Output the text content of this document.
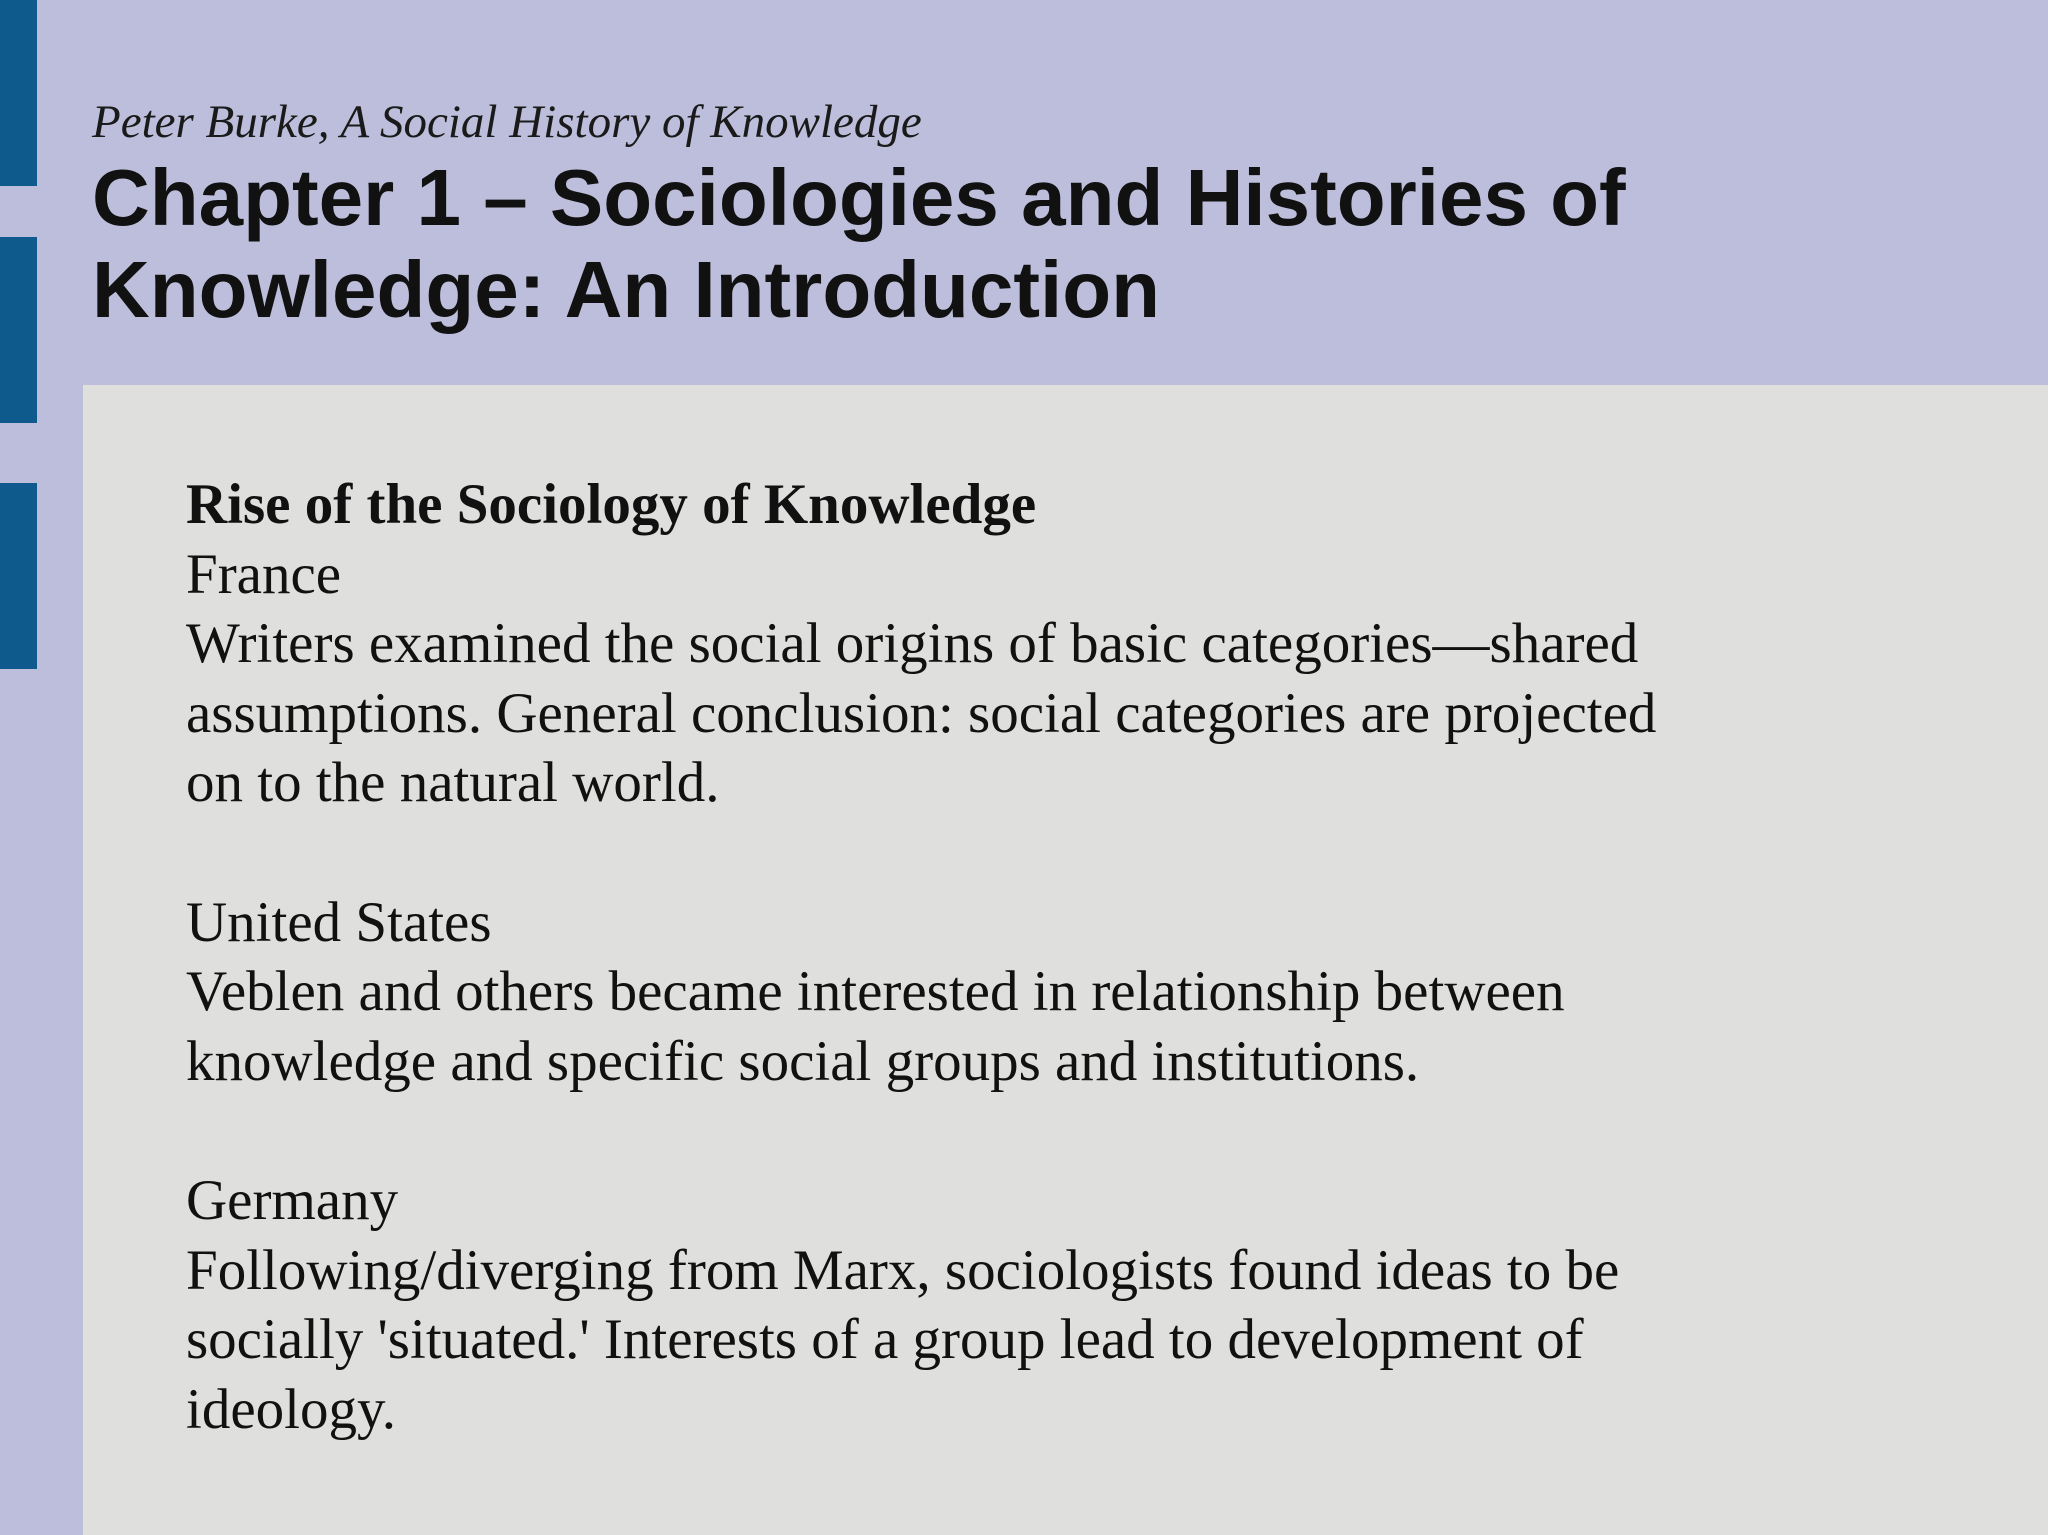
Peter Burke, A Social History of Knowledge

Chapter 1 – Sociologies and Histories of
Knowledge: An Introduction

Rise of the Sociology of Knowledge

France

Writers examined the social origins of basic categories—shared

assumptions. General conclusion: social categories are projected

on to the natural world.

United States

Veblen and others became interested in relationship between

knowledge and specific social groups and institutions.

Germany

Following/diverging from Marx, sociologists found ideas to be

socially 'situated.' Interests of a group lead to development of

ideology.
